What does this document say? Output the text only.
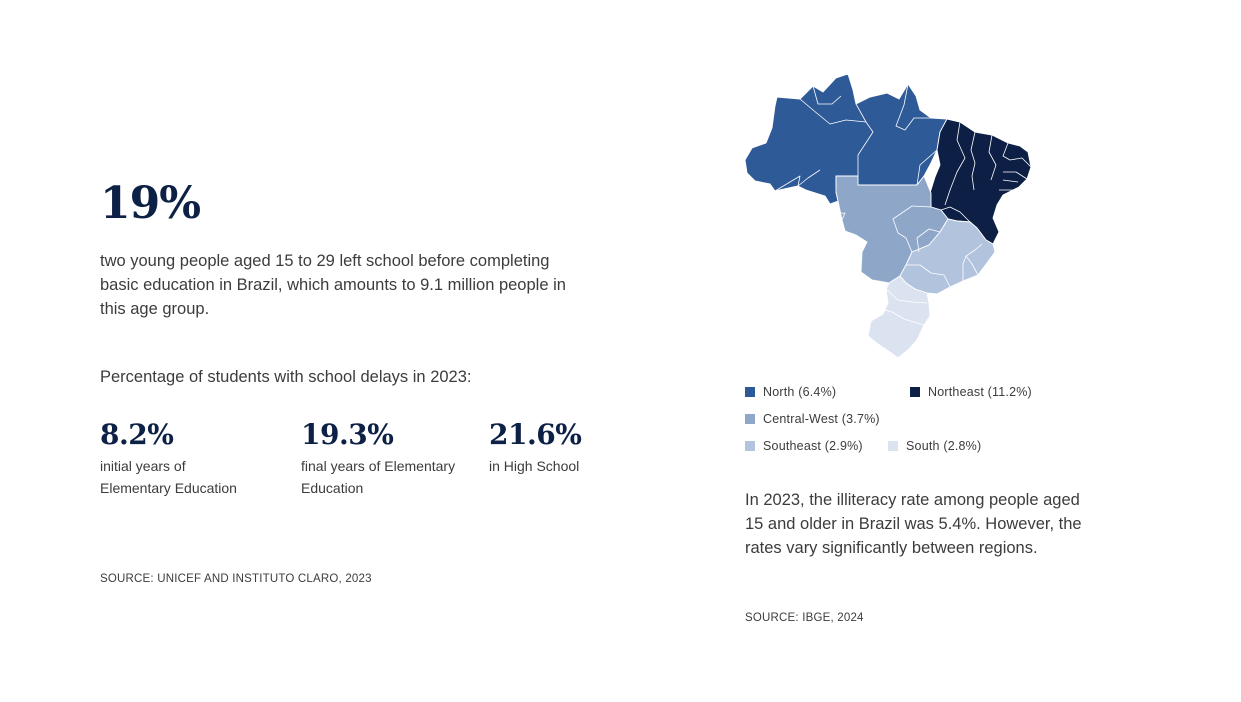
19%
two young people aged 15 to 29 left school before completing basic education in Brazil, which amounts to 9.1 million people in this age group.
Percentage of students with school delays in 2023:
8.2%
initial years of Elementary Education
19.3%
final years of Elementary Education
21.6%
in High School
SOURCE: UNICEF AND INSTITUTO CLARO, 2023
North (6.4%)	Northeast (11.2%)
Central-West (3.7%)
Southeast (2.9%)	South (2.8%)
In 2023, the illiteracy rate among people aged 15 and older in Brazil was 5.4%. However, the rates vary significantly between regions.
SOURCE: IBGE, 2024
